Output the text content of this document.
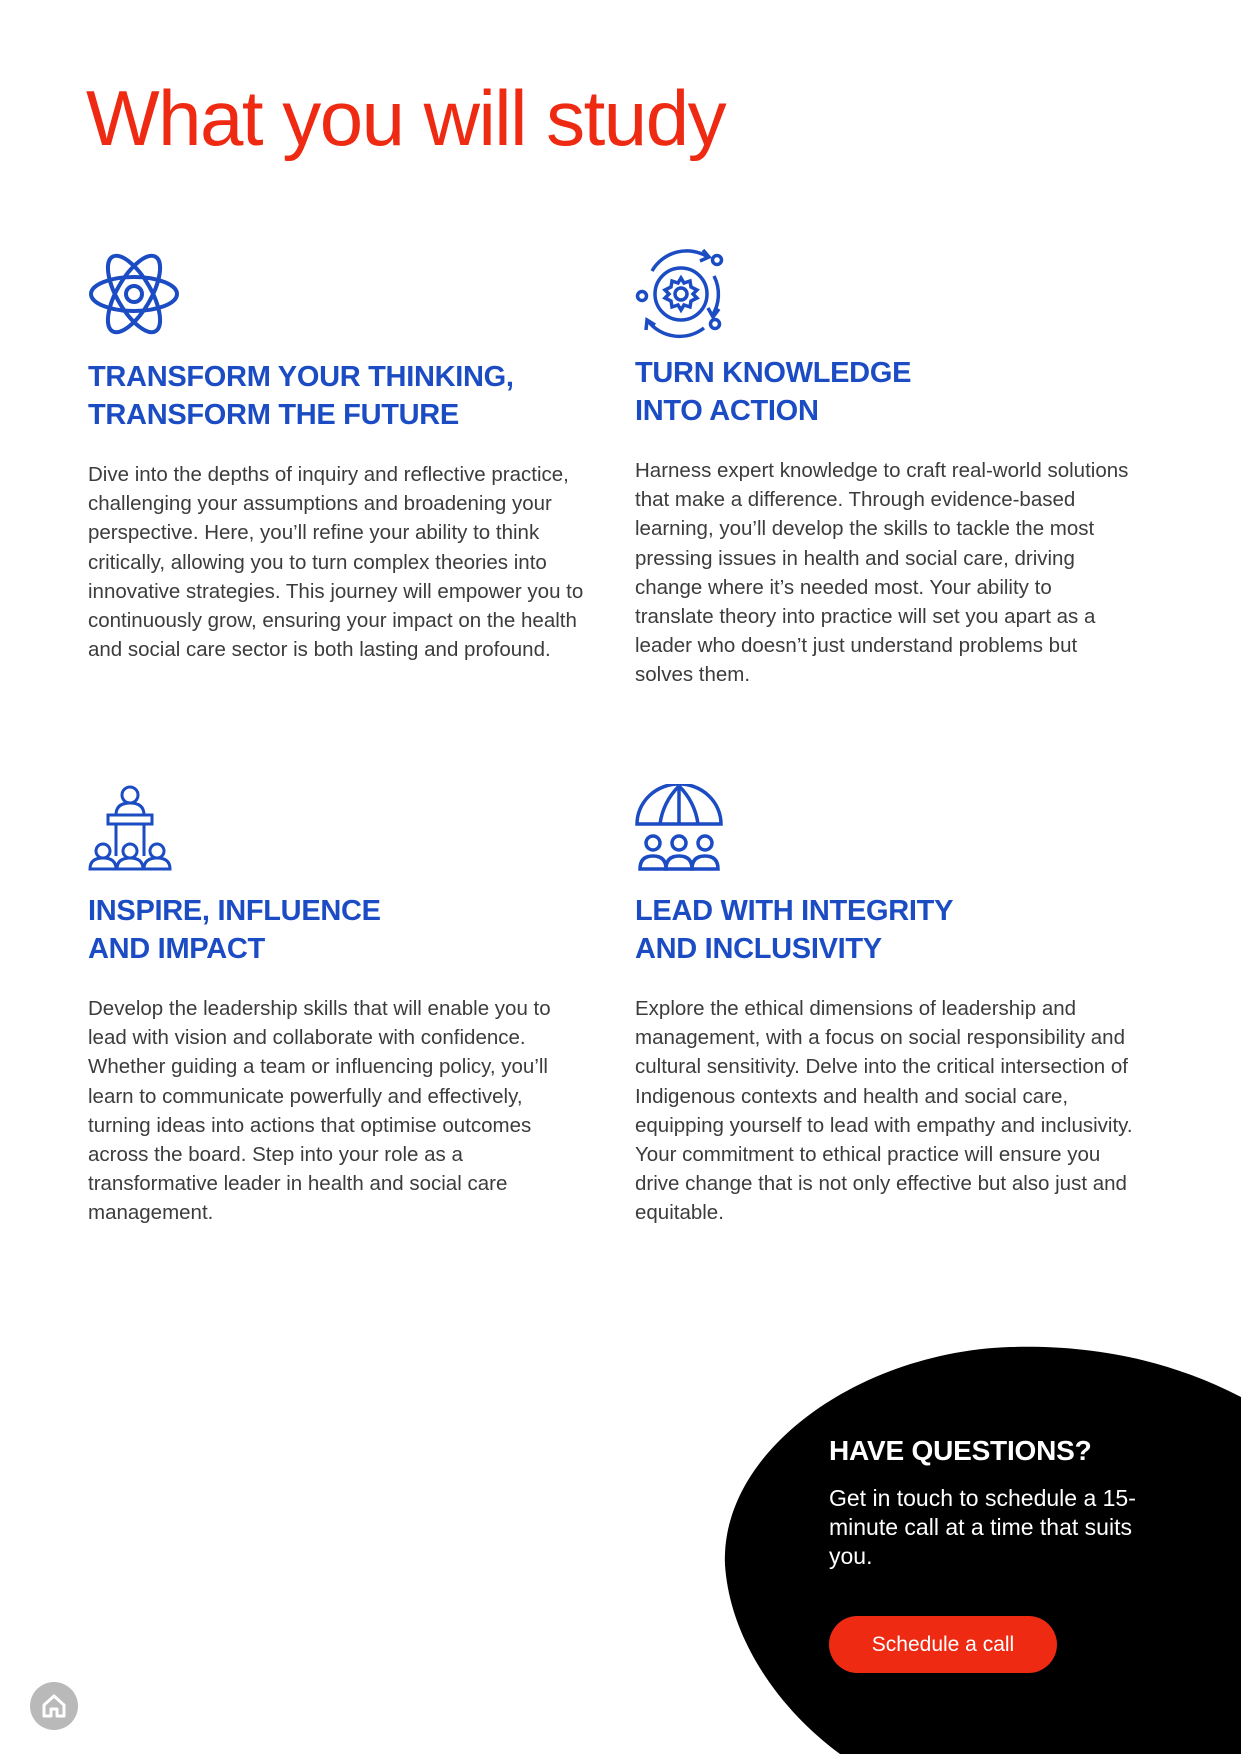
What you will study
TRANSFORM YOUR THINKING,
TRANSFORM THE FUTURE

Dive into the depths of inquiry and reflective practice, challenging your assumptions and broadening your perspective. Here, you’ll refine your ability to think critically, allowing you to turn complex theories into innovative strategies. This journey will empower you to continuously grow, ensuring your impact on the health and social care sector is both lasting and profound.

TURN KNOWLEDGE
INTO ACTION

Harness expert knowledge to craft real-world solutions that make a difference. Through evidence-based learning, you’ll develop the skills to tackle the most pressing issues in health and social care, driving change where it’s needed most. Your ability to translate theory into practice will set you apart as a leader who doesn’t just understand problems but solves them.

INSPIRE, INFLUENCE
AND IMPACT

Develop the leadership skills that will enable you to lead with vision and collaborate with confidence. Whether guiding a team or influencing policy, you’ll learn to communicate powerfully and effectively, turning ideas into actions that optimise outcomes across the board. Step into your role as a transformative leader in health and social care management.

LEAD WITH INTEGRITY
AND INCLUSIVITY

Explore the ethical dimensions of leadership and management, with a focus on social responsibility and cultural sensitivity. Delve into the critical intersection of Indigenous contexts and health and social care, equipping yourself to lead with empathy and inclusivity. Your commitment to ethical practice will ensure you drive change that is not only effective but also just and equitable.

HAVE QUESTIONS?

Get in touch to schedule a 15-minute call at a time that suits you.

Schedule a call
